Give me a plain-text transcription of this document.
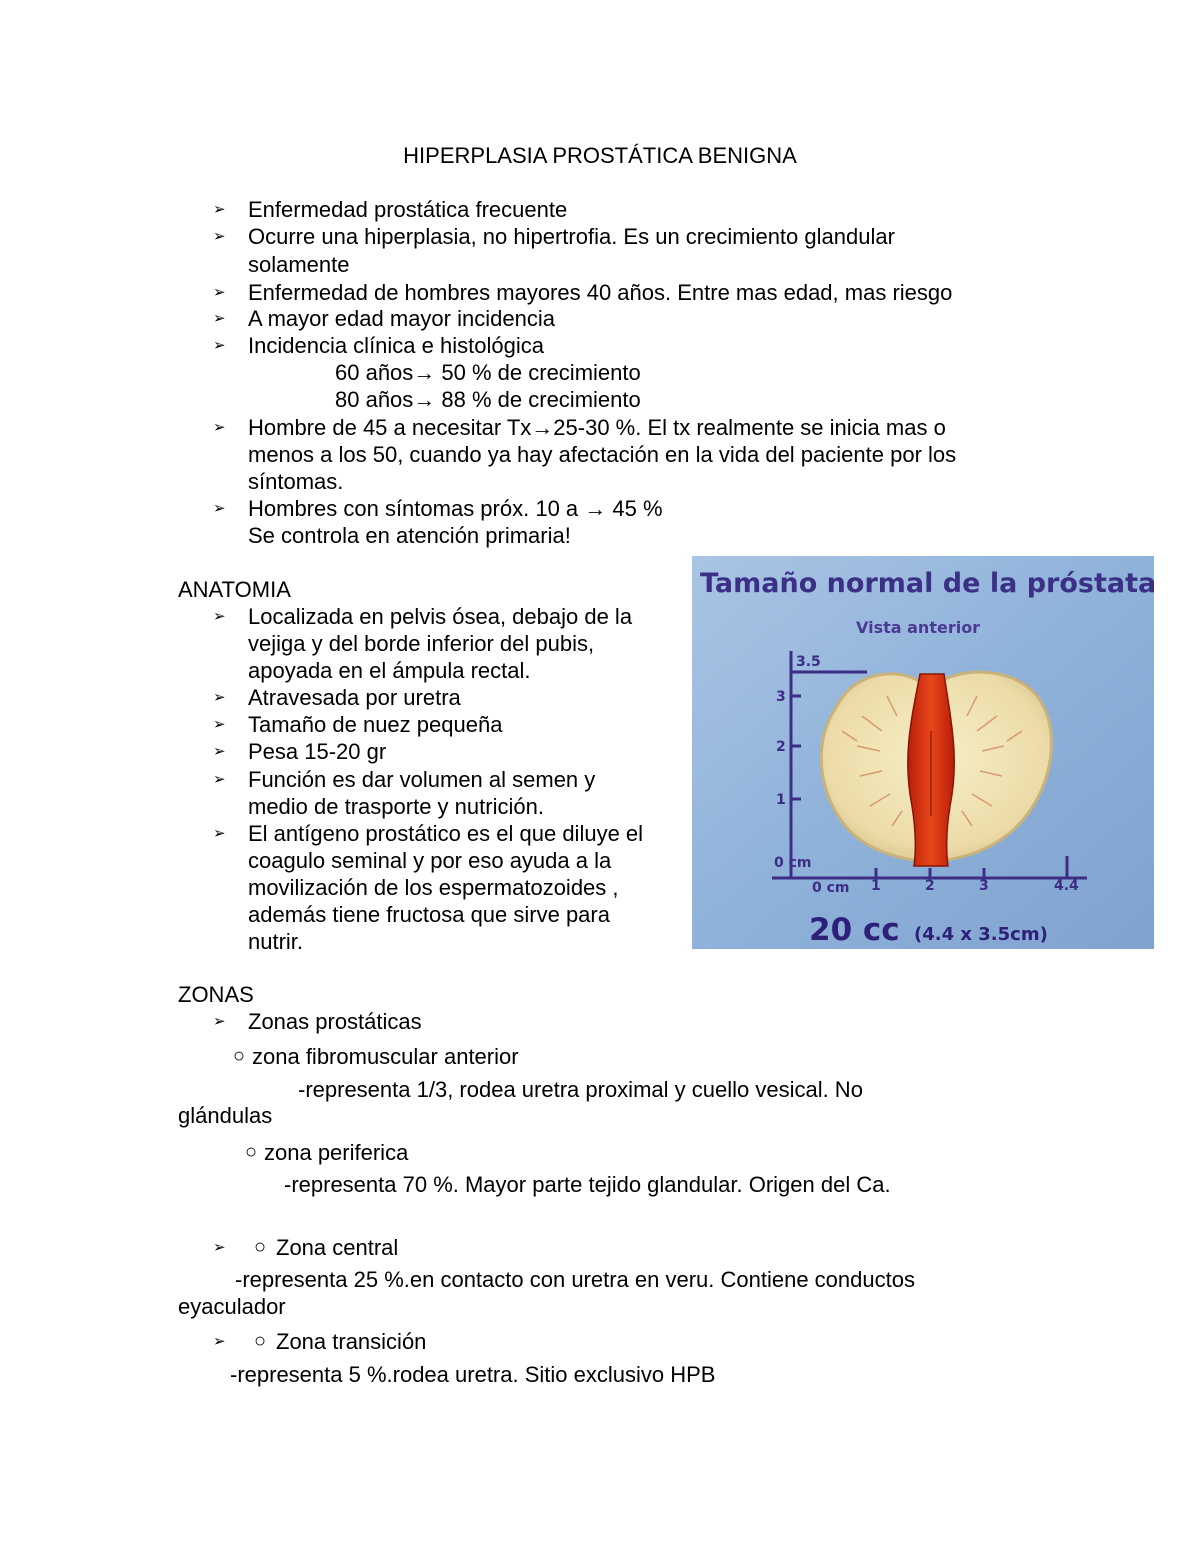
HIPERPLASIA PROSTÁTICA BENIGNA
➢ Enfermedad prostática frecuente
➢ Ocurre una hiperplasia, no hipertrofia. Es un crecimiento glandular
solamente
➢ Enfermedad de hombres mayores 40 años. Entre mas edad, mas riesgo
➢ A mayor edad mayor incidencia
➢ Incidencia clínica e histológica
60 años→ 50 % de crecimiento
80 años→ 88 % de crecimiento
➢ Hombre de 45 a necesitar Tx→25-30 %. El tx realmente se inicia mas o
menos a los 50, cuando ya hay afectación en la vida del paciente por los
síntomas.
➢ Hombres con síntomas próx. 10 a → 45 %
Se controla en atención primaria!
ANATOMIA
➢ Localizada en pelvis ósea, debajo de la
vejiga y del borde inferior del pubis,
apoyada en el ámpula rectal.
➢ Atravesada por uretra
➢ Tamaño de nuez pequeña
➢ Pesa 15-20 gr
➢ Función es dar volumen al semen y
medio de trasporte y nutrición.
➢ El antígeno prostático es el que diluye el
coagulo seminal y por eso ayuda a la
movilización de los espermatozoides ,
además tiene fructosa que sirve para
nutrir.
Tamaño normal de la próstata
Vista anterior
3.5
3
2
1
0 cm
0 cm 1	2	3	4.4
20 cc (4.4 x 3.5cm)
ZONAS
➢ Zonas prostáticas
○ zona fibromuscular anterior
-representa 1/3, rodea uretra proximal y cuello vesical. No
glándulas
○ zona periferica
-representa 70 %. Mayor parte tejido glandular. Origen del Ca.
➢ ○ Zona central
-representa 25 %.en contacto con uretra en veru. Contiene conductos
eyaculador
➢ ○ Zona transición
-representa 5 %.rodea uretra. Sitio exclusivo HPB
